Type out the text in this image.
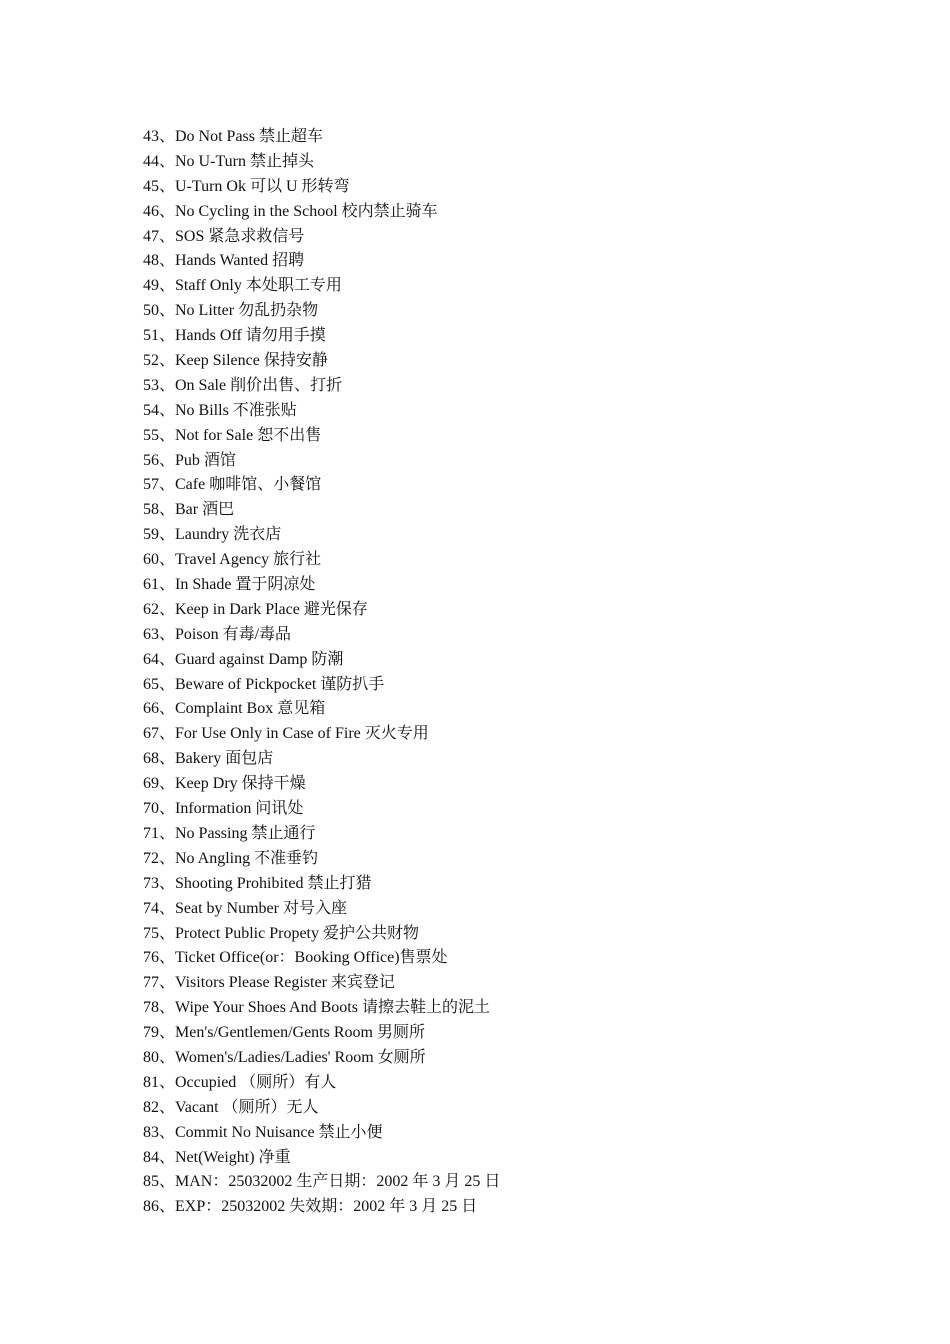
43、Do Not Pass 禁止超车
44、No U-Turn 禁止掉头
45、U-Turn Ok 可以 U 形转弯
46、No Cycling in the School 校内禁止骑车
47、SOS 紧急求救信号
48、Hands Wanted 招聘
49、Staff Only 本处职工专用
50、No Litter 勿乱扔杂物
51、Hands Off 请勿用手摸
52、Keep Silence 保持安静
53、On Sale 削价出售、打折
54、No Bills 不准张贴
55、Not for Sale 恕不出售
56、Pub 酒馆
57、Cafe 咖啡馆、小餐馆
58、Bar 酒巴
59、Laundry 洗衣店
60、Travel Agency 旅行社
61、In Shade 置于阴凉处
62、Keep in Dark Place 避光保存
63、Poison 有毒/毒品
64、Guard against Damp 防潮
65、Beware of Pickpocket 谨防扒手
66、Complaint Box 意见箱
67、For Use Only in Case of Fire 灭火专用
68、Bakery 面包店
69、Keep Dry 保持干燥
70、Information 问讯处
71、No Passing 禁止通行
72、No Angling 不准垂钓
73、Shooting Prohibited 禁止打猎
74、Seat by Number 对号入座
75、Protect Public Propety 爱护公共财物
76、Ticket Office(or：Booking Office)售票处
77、Visitors Please Register 来宾登记
78、Wipe Your Shoes And Boots 请擦去鞋上的泥土
79、Men's/Gentlemen/Gents Room 男厕所
80、Women's/Ladies/Ladies' Room 女厕所
81、Occupied （厕所）有人
82、Vacant （厕所）无人
83、Commit No Nuisance 禁止小便
84、Net(Weight) 净重
85、MAN：25032002 生产日期：2002 年 3 月 25 日
86、EXP：25032002 失效期：2002 年 3 月 25 日
